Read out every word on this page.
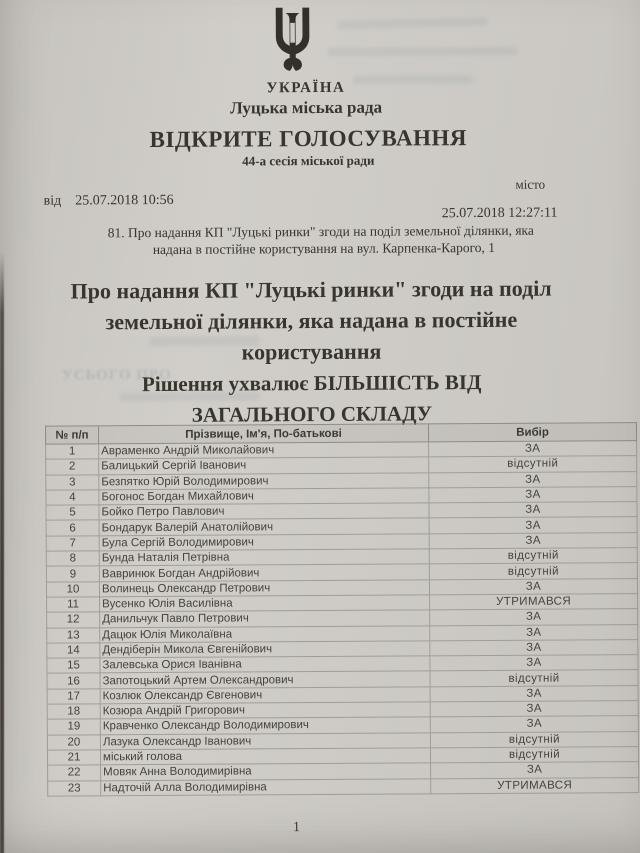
УСЬОГО ПРО
УКРАЇНА
Луцька міська рада
ВІДКРИТЕ ГОЛОСУВАННЯ
44-а сесія міської ради
місто
від 25.07.2018 10:56
25.07.2018 12:27:11
81. Про надання КП "Луцькі ринки" згоди на поділ земельної ділянки, яка
надана в постійне користування на вул. Карпенка-Карого, 1
Про надання КП "Луцькі ринки" згоди на поділ
земельної ділянки, яка надана в постійне
користування
Рішення ухвалює БІЛЬШІСТЬ ВІД
ЗАГАЛЬНОГО СКЛАДУ
№ п/п	Прізвище, Ім'я, По-батькові	Вибір
1	Авраменко Андрій Миколайович	ЗА
2	Балицький Сергій Іванович	відсутній
3	Безпятко Юрій Володимирович	ЗА
4	Богонос Богдан Михайлович	ЗА
5	Бойко Петро Павлович	ЗА
6	Бондарук Валерій Анатолійович	ЗА
7	Була Сергій Володимирович	ЗА
8	Бунда Наталія Петрівна	відсутній
9	Вавринюк Богдан Андрійович	відсутній
10	Волинець Олександр Петрович	ЗА
11	Вусенко Юлія Василівна	УТРИМАВСЯ
12	Данильчук Павло Петрович	ЗА
13	Дацюк Юлія Миколаївна	ЗА
14	Дендіберін Микола Євгенійович	ЗА
15	Залевська Орися Іванівна	ЗА
16	Запотоцький Артем Олександрович	відсутній
17	Козлюк Олександр Євгенович	ЗА
18	Козюра Андрій Григорович	ЗА
19	Кравченко Олександр Володимирович	ЗА
20	Лазука Олександр Іванович	відсутній
21	міський голова	відсутній
22	Мовяк Анна Володимирівна	ЗА
23	Надточій Алла Володимирівна	УТРИМАВСЯ
1
